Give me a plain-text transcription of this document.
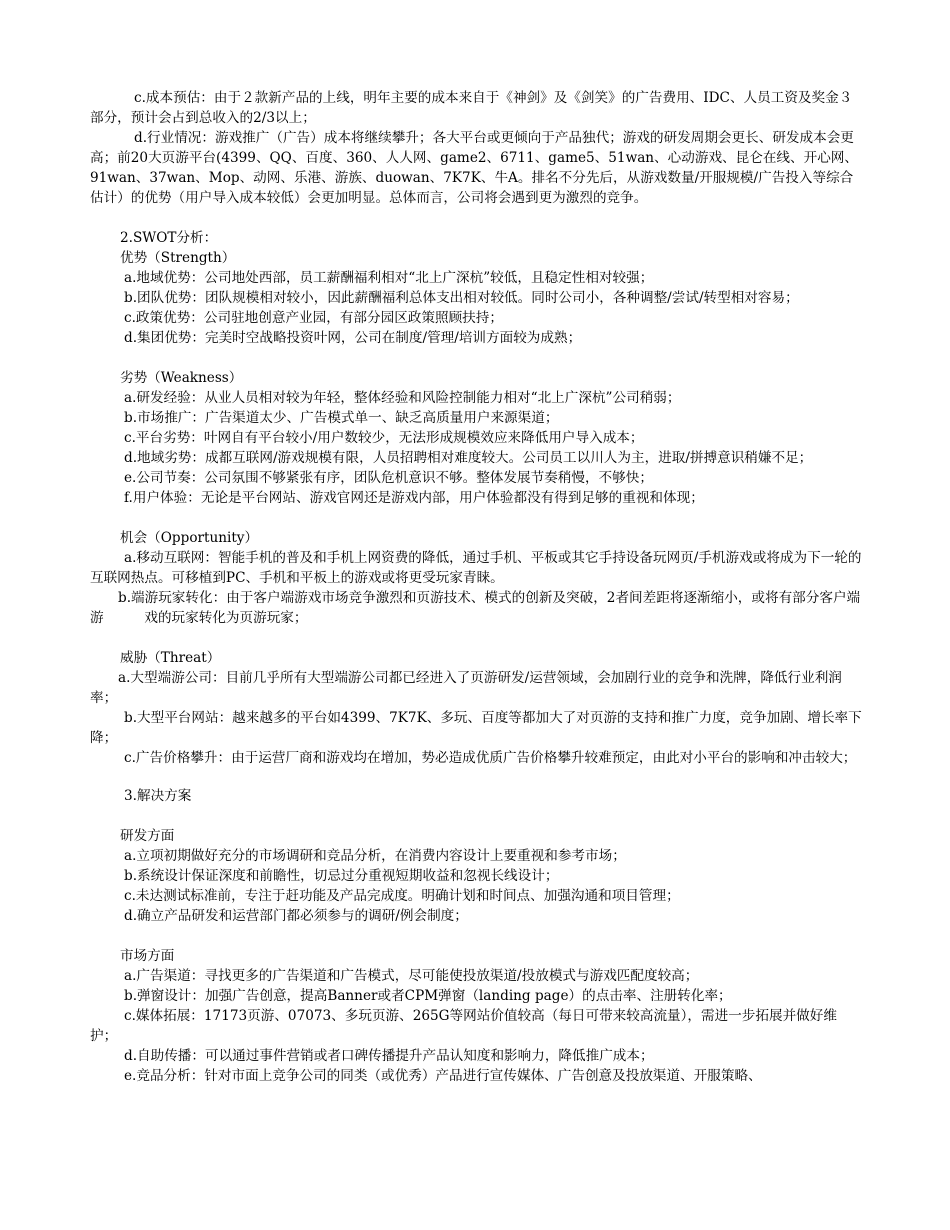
c.成本预估：由于２款新产品的上线，明年主要的成本来自于《神剑》及《剑笑》的广告费用、IDC、人员工资及奖金３部分，预计会占到总收入的2/3以上；

d.行业情况：游戏推广（广告）成本将继续攀升；各大平台或更倾向于产品独代；游戏的研发周期会更长、研发成本会更高；前20大页游平台(4399、QQ、百度、360、人人网、game2、6711、game5、51wan、心动游戏、昆仑在线、开心网、91wan、37wan、Mop、动网、乐港、游族、duowan、7K7K、牛A。排名不分先后，从游戏数量/开服规模/广告投入等综合估计）的优势（用户导入成本较低）会更加明显。总体而言，公司将会遇到更为激烈的竞争。

2.SWOT分析：

优势（Strength）

a.地域优势：公司地处西部，员工薪酬福利相对“北上广深杭”较低，且稳定性相对较强；

b.团队优势：团队规模相对较小，因此薪酬福利总体支出相对较低。同时公司小，各种调整/尝试/转型相对容易；

c.政策优势：公司驻地创意产业园，有部分园区政策照顾扶持；

d.集团优势：完美时空战略投资叶网，公司在制度/管理/培训方面较为成熟；

劣势（Weakness）

a.研发经验：从业人员相对较为年轻，整体经验和风险控制能力相对“北上广深杭”公司稍弱；

b.市场推广：广告渠道太少、广告模式单一、缺乏高质量用户来源渠道；

c.平台劣势：叶网自有平台较小/用户数较少，无法形成规模效应来降低用户导入成本；

d.地域劣势：成都互联网/游戏规模有限，人员招聘相对难度较大。公司员工以川人为主，进取/拼搏意识稍嫌不足；

e.公司节奏：公司氛围不够紧张有序，团队危机意识不够。整体发展节奏稍慢，不够快；

f.用户体验：无论是平台网站、游戏官网还是游戏内部，用户体验都没有得到足够的重视和体现；

机会（Opportunity）

a.移动互联网：智能手机的普及和手机上网资费的降低，通过手机、平板或其它手持设备玩网页/手机游戏或将成为下一轮的互联网热点。可移植到PC、手机和平板上的游戏或将更受玩家青睐。

b.端游玩家转化：由于客户端游戏市场竞争激烈和页游技术、模式的创新及突破，2者间差距将逐渐缩小，或将有部分客户端游　　　戏的玩家转化为页游玩家；

威胁（Threat）

a.大型端游公司：目前几乎所有大型端游公司都已经进入了页游研发/运营领域，会加剧行业的竞争和洗牌，降低行业利润率；

b.大型平台网站：越来越多的平台如4399、7K7K、多玩、百度等都加大了对页游的支持和推广力度，竞争加剧、增长率下降；

c.广告价格攀升：由于运营厂商和游戏均在增加，势必造成优质广告价格攀升较难预定，由此对小平台的影响和冲击较大；

3.解决方案

研发方面

a.立项初期做好充分的市场调研和竞品分析，在消费内容设计上要重视和参考市场；

b.系统设计保证深度和前瞻性，切忌过分重视短期收益和忽视长线设计；

c.未达测试标准前，专注于赶功能及产品完成度。明确计划和时间点、加强沟通和项目管理；

d.确立产品研发和运营部门都必须参与的调研/例会制度；

市场方面

a.广告渠道：寻找更多的广告渠道和广告模式，尽可能使投放渠道/投放模式与游戏匹配度较高；

b.弹窗设计：加强广告创意，提高Banner或者CPM弹窗（landing page）的点击率、注册转化率；

c.媒体拓展：17173页游、07073、多玩页游、265G等网站价值较高（每日可带来较高流量），需进一步拓展并做好维护；

d.自助传播：可以通过事件营销或者口碑传播提升产品认知度和影响力，降低推广成本；

e.竞品分析：针对市面上竞争公司的同类（或优秀）产品进行宣传媒体、广告创意及投放渠道、开服策略、
